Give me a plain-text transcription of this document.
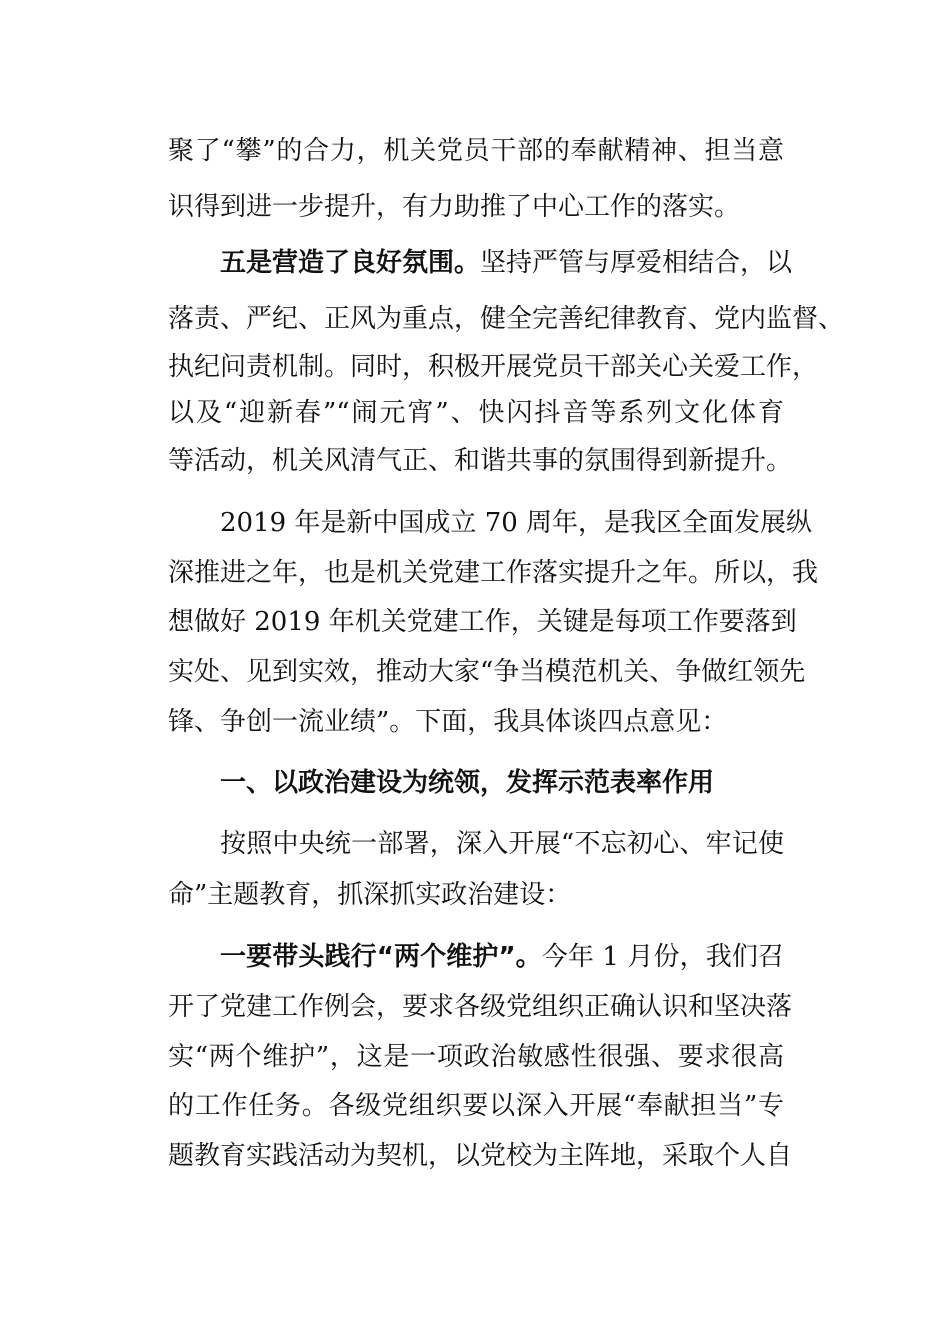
聚了“攀”的合力，机关党员干部的奉献精神、担当意
识得到进一步提升，有力助推了中心工作的落实。
五是营造了良好氛围。坚持严管与厚爱相结合，以
落责、严纪、正风为重点，健全完善纪律教育、党内监督、
执纪问责机制。同时，积极开展党员干部关心关爱工作，
以及“迎新春”“闹元宵”、快闪抖音等系列文化体育
等活动，机关风清气正、和谐共事的氛围得到新提升。
2019 年是新中国成立 70 周年，是我区全面发展纵
深推进之年，也是机关党建工作落实提升之年。所以，我
想做好 2019 年机关党建工作，关键是每项工作要落到
实处、见到实效，推动大家“争当模范机关、争做红领先
锋、争创一流业绩”。下面，我具体谈四点意见：
一、以政治建设为统领，发挥示范表率作用
按照中央统一部署，深入开展“不忘初心、牢记使
命”主题教育，抓深抓实政治建设：
一要带头践行“两个维护”。今年 1 月份，我们召
开了党建工作例会，要求各级党组织正确认识和坚决落
实“两个维护”，这是一项政治敏感性很强、要求很高
的工作任务。各级党组织要以深入开展“奉献担当”专
题教育实践活动为契机，以党校为主阵地，采取个人自
